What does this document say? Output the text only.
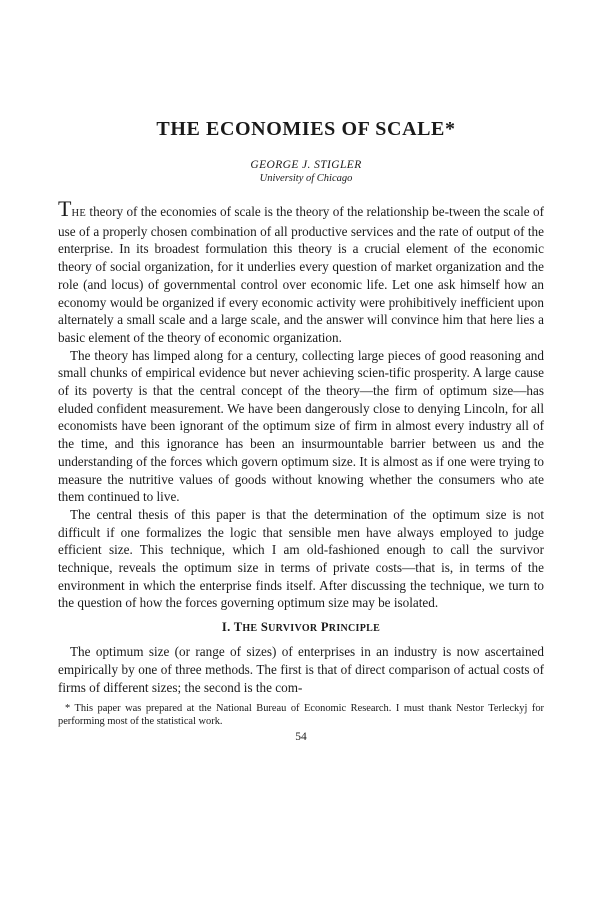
THE ECONOMIES OF SCALE*

GEORGE J. STIGLER

University of Chicago

THE theory of the economies of scale is the theory of the relationship be-tween the scale of use of a properly chosen combination of all productive services and the rate of output of the enterprise. In its broadest formulation this theory is a crucial element of the economic theory of social organization, for it underlies every question of market organization and the role (and locus) of governmental control over economic life. Let one ask himself how an economy would be organized if every economic activity were prohibitively inefficient upon alternately a small scale and a large scale, and the answer will convince him that here lies a basic element of the theory of economic organization.

The theory has limped along for a century, collecting large pieces of good reasoning and small chunks of empirical evidence but never achieving scien-tific prosperity. A large cause of its poverty is that the central concept of the theory—the firm of optimum size—has eluded confident measurement. We have been dangerously close to denying Lincoln, for all economists have been ignorant of the optimum size of firm in almost every industry all of the time, and this ignorance has been an insurmountable barrier between us and the understanding of the forces which govern optimum size. It is almost as if one were trying to measure the nutritive values of goods without knowing whether the consumers who ate them continued to live.

The central thesis of this paper is that the determination of the optimum size is not difficult if one formalizes the logic that sensible men have always employed to judge efficient size. This technique, which I am old-fashioned enough to call the survivor technique, reveals the optimum size in terms of private costs—that is, in terms of the environment in which the enterprise finds itself. After discussing the technique, we turn to the question of how the forces governing optimum size may be isolated.

I. THE SURVIVOR PRINCIPLE

The optimum size (or range of sizes) of enterprises in an industry is now ascertained empirically by one of three methods. The first is that of direct comparison of actual costs of firms of different sizes; the second is the com-

* This paper was prepared at the National Bureau of Economic Research. I must thank Nestor Terleckyj for performing most of the statistical work.

54
